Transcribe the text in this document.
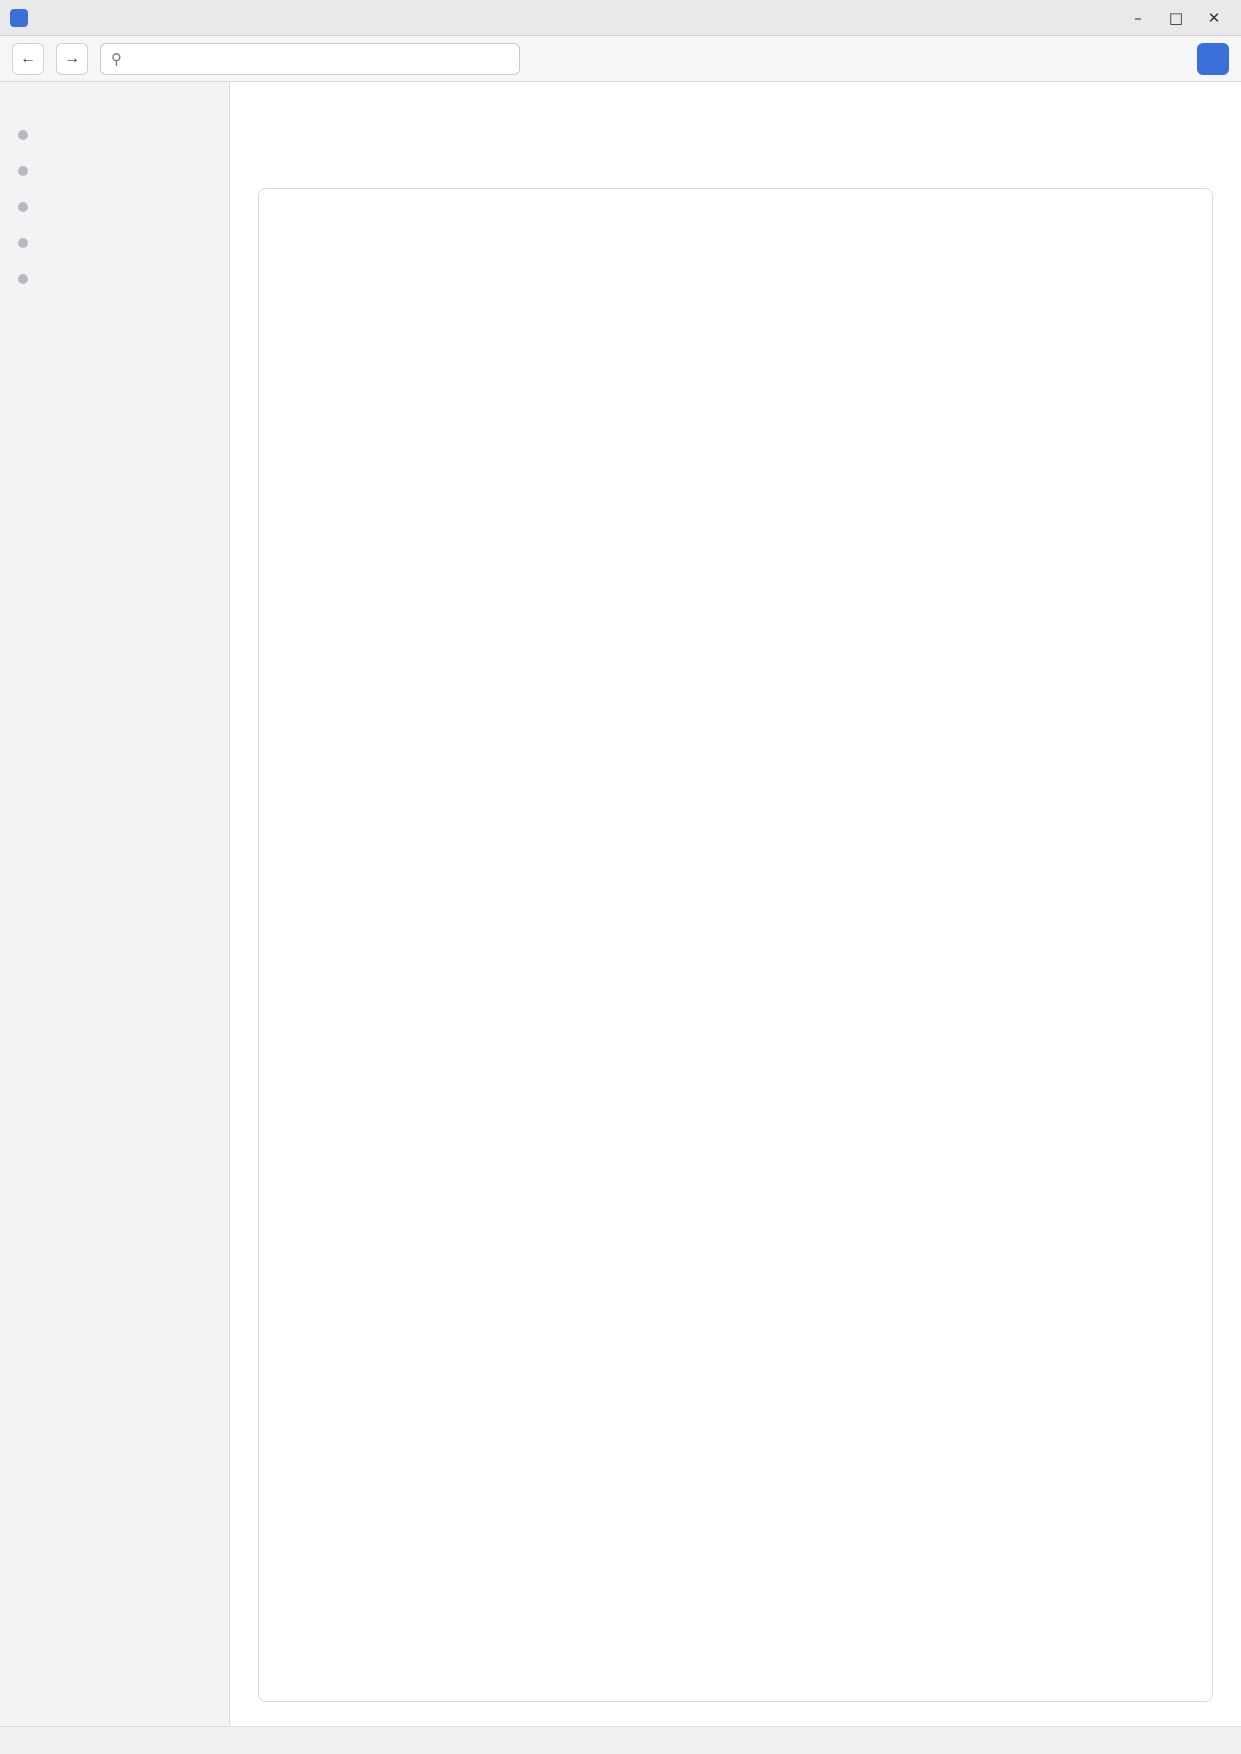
–	□	✕
←	→	⚲
